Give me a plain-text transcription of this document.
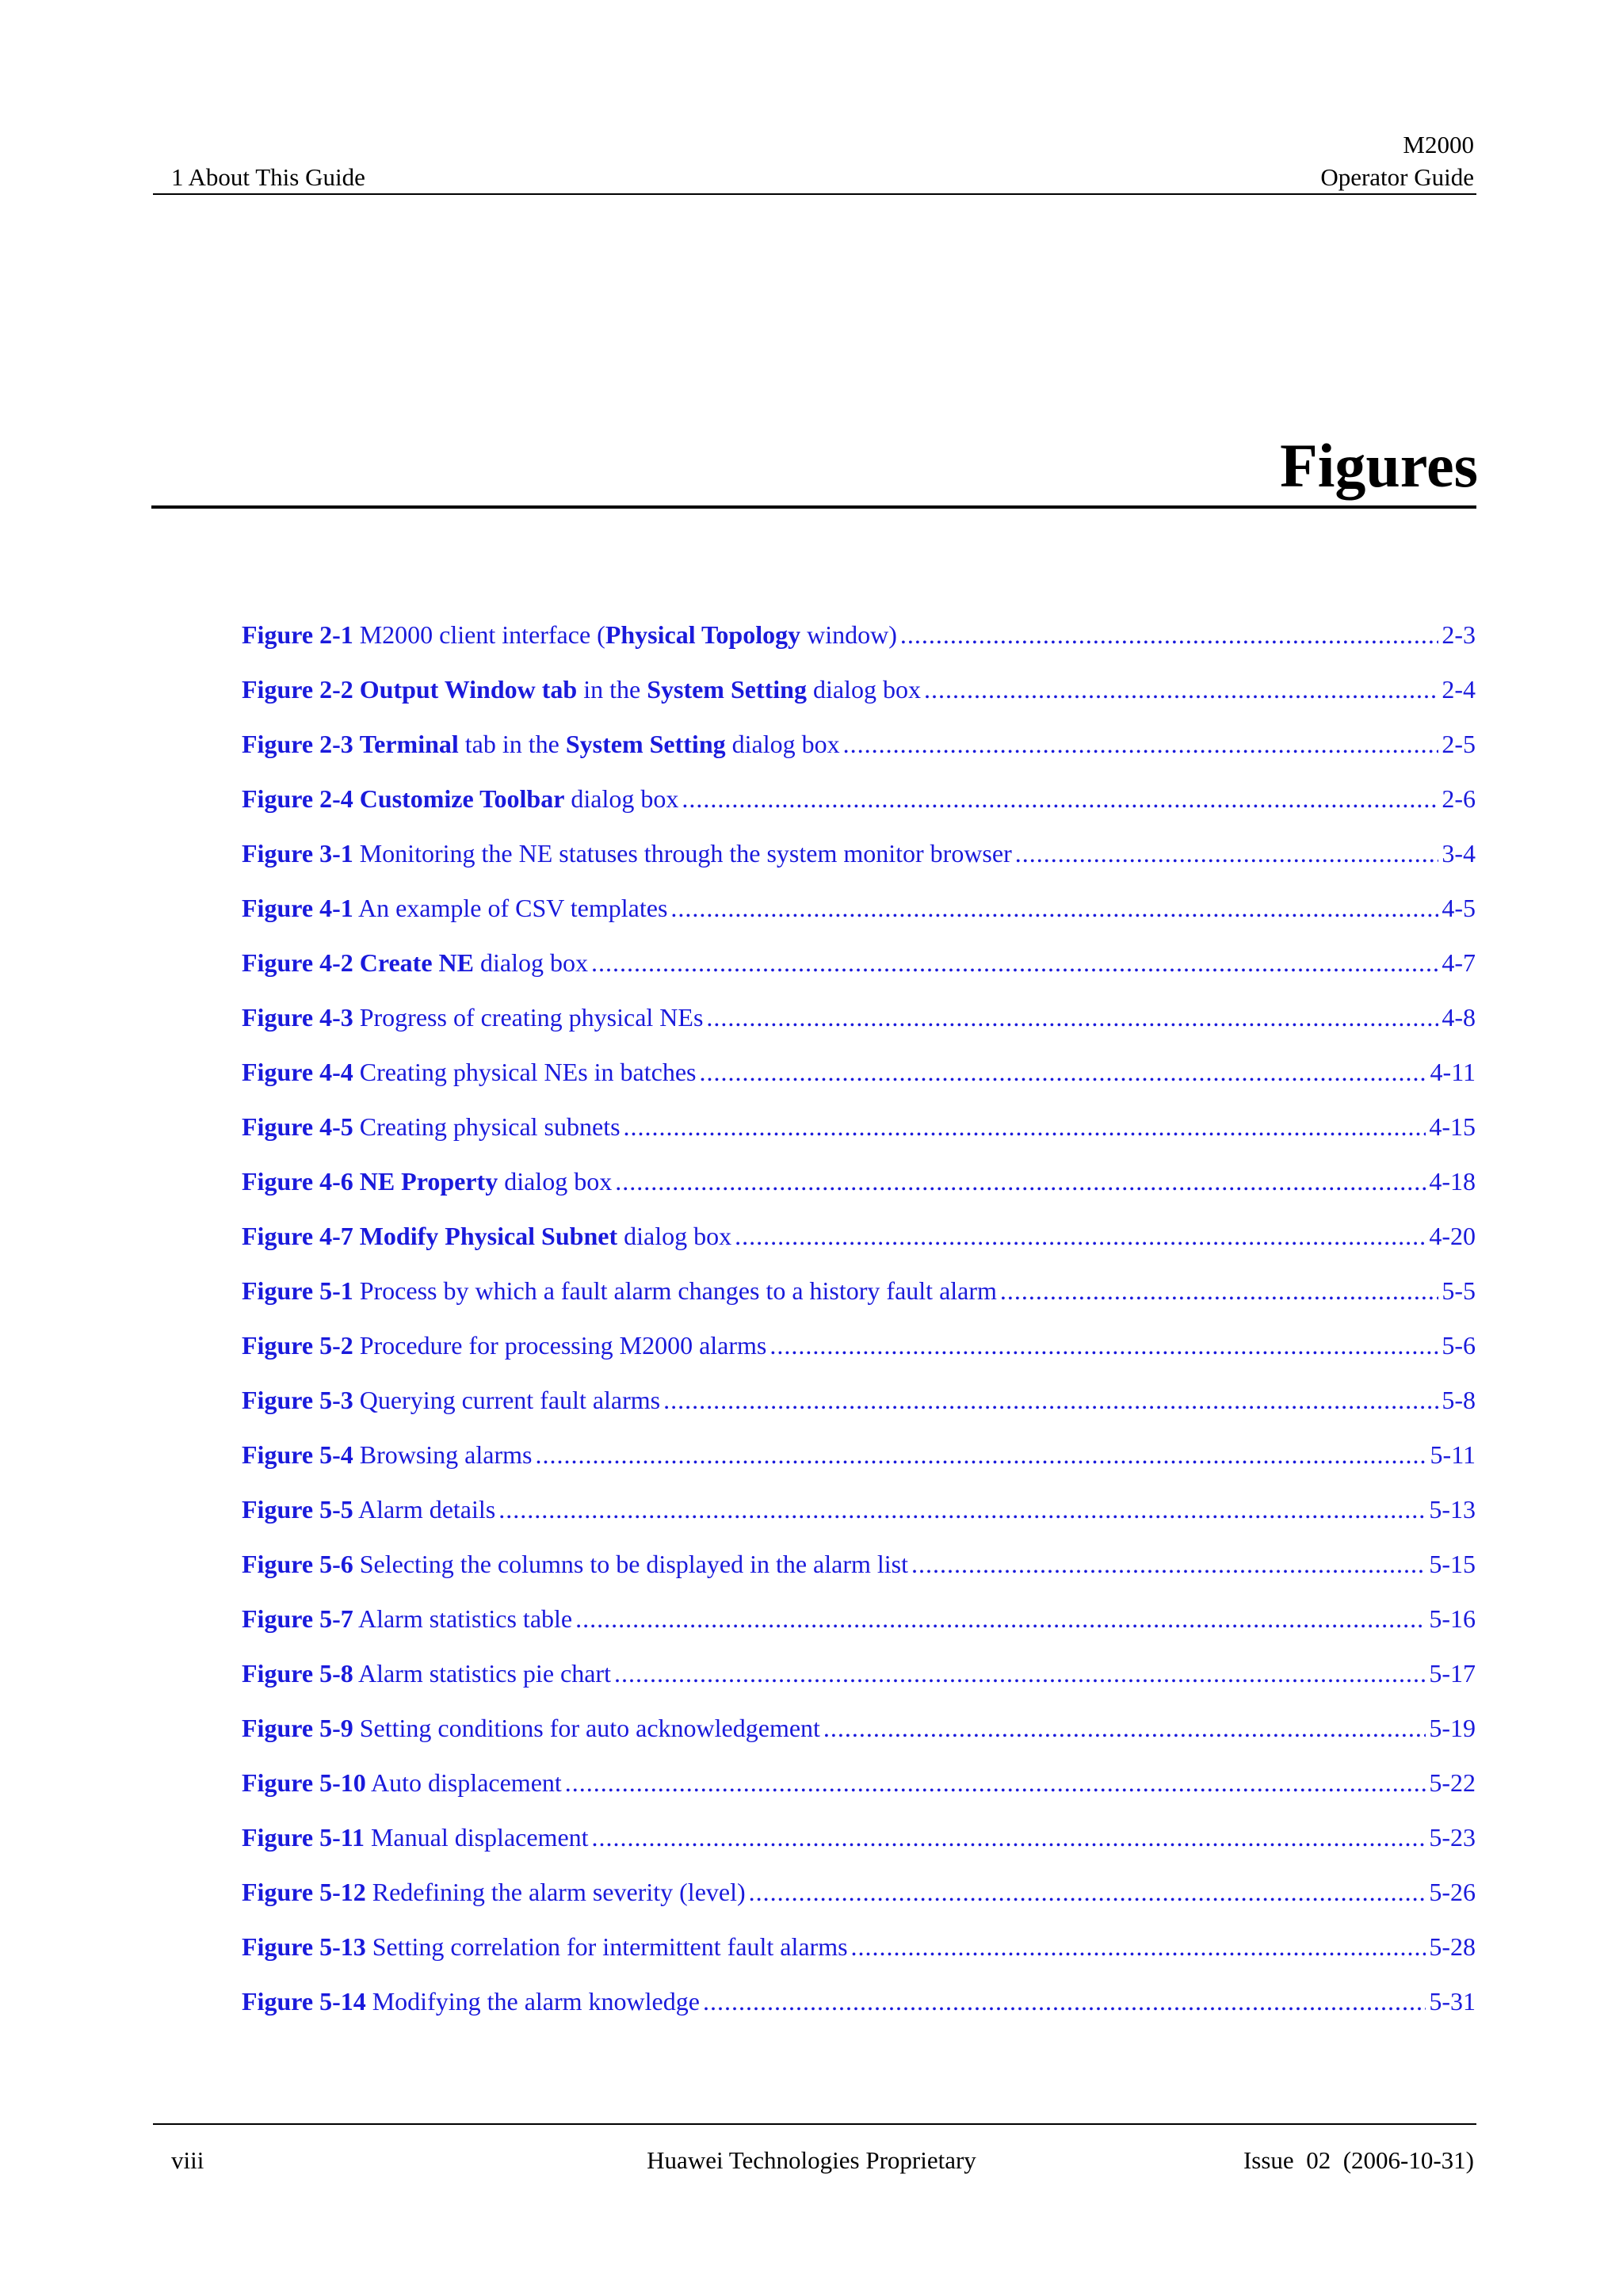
M2000
Operator Guide
1 About This Guide
Figures
Figure 2-1 M2000 client interface (Physical Topology window) .....	2-3
Figure 2-2 Output Window tab in the System Setting dialog box .....	2-4
Figure 2-3 Terminal tab in the System Setting dialog box .....	2-5
Figure 2-4 Customize Toolbar dialog box .....	2-6
Figure 3-1 Monitoring the NE statuses through the system monitor browser .....	3-4
Figure 4-1 An example of CSV templates .....	4-5
Figure 4-2 Create NE dialog box .....	4-7
Figure 4-3 Progress of creating physical NEs .....	4-8
Figure 4-4 Creating physical NEs in batches .....	4-11
Figure 4-5 Creating physical subnets .....	4-15
Figure 4-6 NE Property dialog box .....	4-18
Figure 4-7 Modify Physical Subnet dialog box .....	4-20
Figure 5-1 Process by which a fault alarm changes to a history fault alarm .....	5-5
Figure 5-2 Procedure for processing M2000 alarms .....	5-6
Figure 5-3 Querying current fault alarms .....	5-8
Figure 5-4 Browsing alarms .....	5-11
Figure 5-5 Alarm details .....	5-13
Figure 5-6 Selecting the columns to be displayed in the alarm list .....	5-15
Figure 5-7 Alarm statistics table .....	5-16
Figure 5-8 Alarm statistics pie chart .....	5-17
Figure 5-9 Setting conditions for auto acknowledgement .....	5-19
Figure 5-10 Auto displacement .....	5-22
Figure 5-11 Manual displacement .....	5-23
Figure 5-12 Redefining the alarm severity (level) .....	5-26
Figure 5-13 Setting correlation for intermittent fault alarms .....	5-28
Figure 5-14 Modifying the alarm knowledge .....	5-31
viii	Huawei Technologies Proprietary	Issue  02  (2006-10-31)
